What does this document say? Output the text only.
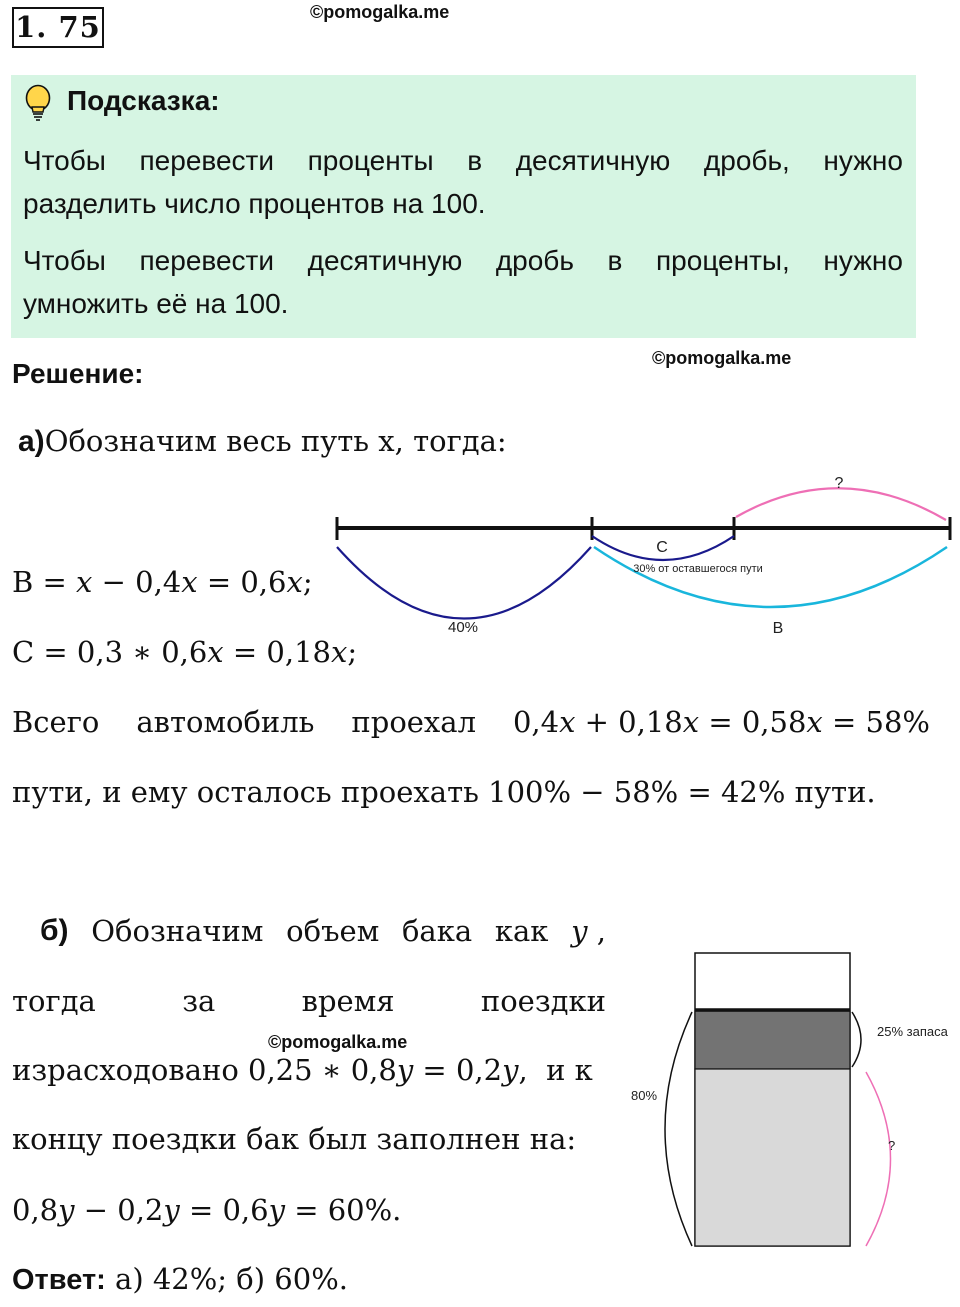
1. 75	©pomogalka.me
Подсказка:
Чтобы перевести проценты в десятичную дробь, нужно
разделить число процентов на 100.
Чтобы перевести десятичную дробь в проценты, нужно
умножить её на 100.
Решение:	©pomogalka.me
а)Обозначим весь путь х, тогда:
?
С
30% от оставшегося пути
40%	В
В = 𝑥 − 0,4𝑥 = 0,6𝑥;
С = 0,3 ∗ 0,6𝑥 = 0,18𝑥;
Всего автомобиль проехал 0,4𝑥 + 0,18𝑥 = 0,58𝑥 = 58%
пути, и ему осталось проехать 100% − 58% = 42% пути.
б) Обозначим объем бака как 𝑦 ,
тогда	за	время	поездки
©pomogalka.me
израсходовано 0,25 ∗ 0,8𝑦 = 0,2𝑦,  и к
концу поездки бак был заполнен на:
0,8𝑦 − 0,2𝑦 = 0,6𝑦 = 60%.
25% запаса
80%
?
Ответ: а) 42%; б) 60%.
